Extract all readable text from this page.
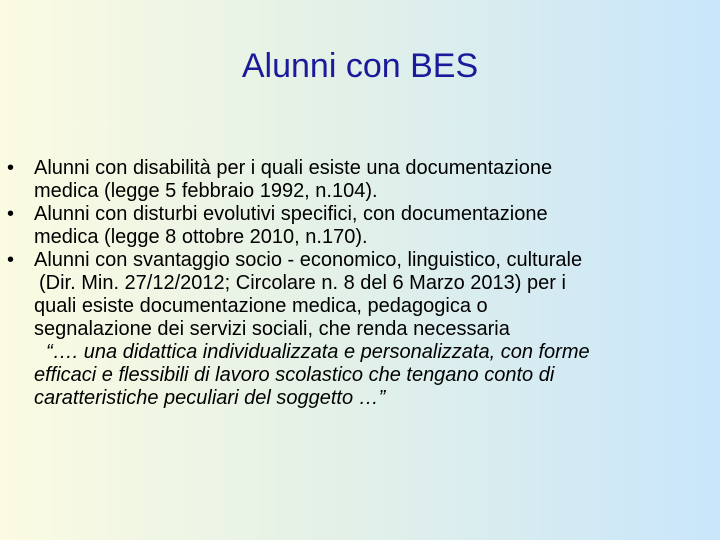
Alunni con BES
• Alunni con disabilità per i quali esiste una documentazione
medica (legge 5 febbraio 1992, n.104).
• Alunni con disturbi evolutivi specifici, con documentazione
medica (legge 8 ottobre 2010, n.170).
• Alunni con svantaggio socio - economico, linguistico, culturale
(Dir. Min. 27/12/2012; Circolare n. 8 del 6 Marzo 2013) per i
quali esiste documentazione medica, pedagogica o
segnalazione dei servizi sociali, che renda necessaria
“…. una didattica individualizzata e personalizzata, con forme
efficaci e flessibili di lavoro scolastico che tengano conto di
caratteristiche peculiari del soggetto …”
